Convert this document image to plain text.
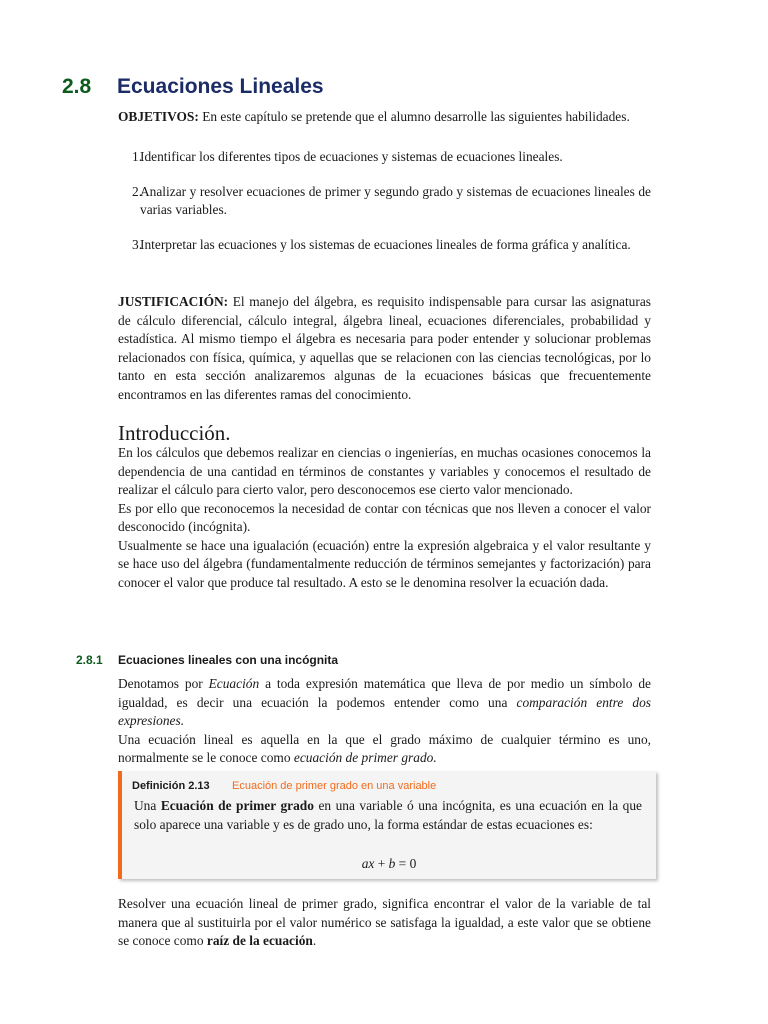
2.8 Ecuaciones Lineales

OBJETIVOS: En este capítulo se pretende que el alumno desarrolle las siguientes habilidades.

1.
Identificar los diferentes tipos de ecuaciones y sistemas de ecuaciones lineales.
2.
Analizar y resolver ecuaciones de primer y segundo grado y sistemas de ecuaciones lineales de varias variables.
3.
Interpretar las ecuaciones y los sistemas de ecuaciones lineales de forma gráfica y analítica.

JUSTIFICACIÓN: El manejo del álgebra, es requisito indispensable para cursar las asignaturas de cálculo diferencial, cálculo integral, álgebra lineal, ecuaciones diferenciales, probabilidad y estadística. Al mismo tiempo el álgebra es necesaria para poder entender y solucionar problemas relacionados con física, química, y aquellas que se relacionen con las ciencias tecnológicas, por lo tanto en esta sección analizaremos algunas de la ecuaciones básicas que frecuentemente encontramos en las diferentes ramas del conocimiento.

Introducción.

En los cálculos que debemos realizar en ciencias o ingenierías, en muchas ocasiones conocemos la dependencia de una cantidad en términos de constantes y variables y conocemos el resultado de realizar el cálculo para cierto valor, pero desconocemos ese cierto valor mencionado.

Es por ello que reconocemos la necesidad de contar con técnicas que nos lleven a conocer el valor desconocido (incógnita).

Usualmente se hace una igualación (ecuación) entre la expresión algebraica y el valor resultante y se hace uso del álgebra (fundamentalmente reducción de términos semejantes y factorización) para conocer el valor que produce tal resultado. A esto se le denomina resolver la ecuación dada.

2.8.1 Ecuaciones lineales con una incógnita

Denotamos por Ecuación a toda expresión matemática que lleva de por medio un símbolo de igualdad, es decir una ecuación la podemos entender como una comparación entre dos expresiones.

Una ecuación lineal es aquella en la que el grado máximo de cualquier término es uno, normalmente se le conoce como ecuación de primer grado.

Definición 2.13 Ecuación de primer grado en una variable

Una Ecuación de primer grado en una variable ó una incógnita, es una ecuación en la que solo aparece una variable y es de grado uno, la forma estándar de estas ecuaciones es:

ax + b = 0

Resolver una ecuación lineal de primer grado, significa encontrar el valor de la variable de tal manera que al sustituirla por el valor numérico se satisfaga la igualdad, a este valor que se obtiene se conoce como raíz de la ecuación.
